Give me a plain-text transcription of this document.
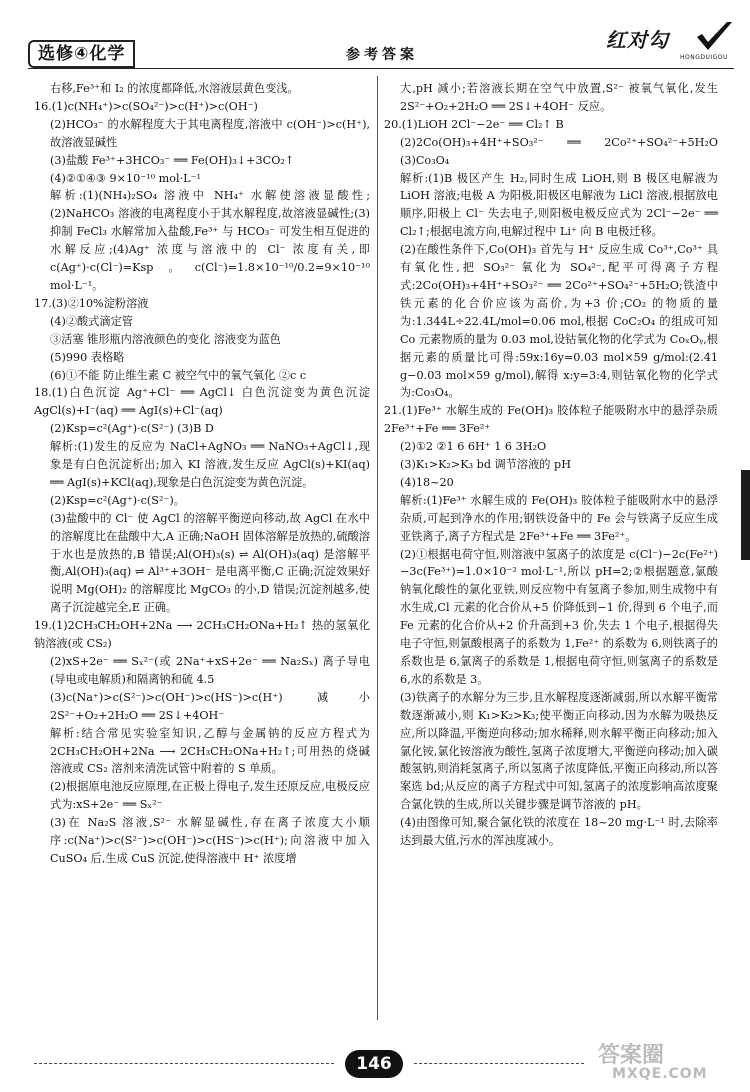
选修④化学	参考答案
红对勾
HONGDUIGOU

右移,Fe³⁺和 I₂ 的浓度都降低,水溶液层黄色变浅。

16.(1)c(NH₄⁺)>c(SO₄²⁻)>c(H⁺)>c(OH⁻)

(2)HCO₃⁻ 的水解程度大于其电离程度,溶液中 c(OH⁻)>c(H⁺),故溶液显碱性

(3)盐酸 Fe³⁺+3HCO₃⁻ ══ Fe(OH)₃↓+3CO₂↑

(4)②①④③ 9×10⁻¹⁰ mol·L⁻¹

解析:(1)(NH₄)₂SO₄ 溶液中 NH₄⁺ 水解使溶液显酸性;(2)NaHCO₃ 溶液的电离程度小于其水解程度,故溶液显碱性;(3)抑制 FeCl₃ 水解常加入盐酸,Fe³⁺ 与 HCO₃⁻ 可发生相互促进的水解反应;(4)Ag⁺ 浓度与溶液中的 Cl⁻ 浓度有关,即 c(Ag⁺)·c(Cl⁻)=Ksp。c(Cl⁻)=1.8×10⁻¹⁰/0.2=9×10⁻¹⁰ mol·L⁻¹。

17.(3)②10%淀粉溶液

(4)②酸式滴定管

③活塞 锥形瓶内溶液颜色的变化 溶液变为蓝色

(5)990 表格略

(6)①不能 防止维生素 C 被空气中的氧气氧化 ②c c

18.(1)白色沉淀 Ag⁺+Cl⁻ ══ AgCl↓ 白色沉淀变为黄色沉淀 AgCl(s)+I⁻(aq) ══ AgI(s)+Cl⁻(aq)

(2)Ksp=c²(Ag⁺)·c(S²⁻) (3)B D

解析:(1)发生的反应为 NaCl+AgNO₃ ══ NaNO₃+AgCl↓,现象是有白色沉淀析出;加入 KI 溶液,发生反应 AgCl(s)+KI(aq) ══ AgI(s)+KCl(aq),现象是白色沉淀变为黄色沉淀。

(2)Ksp=c²(Ag⁺)·c(S²⁻)。

(3)盐酸中的 Cl⁻ 使 AgCl 的溶解平衡逆向移动,故 AgCl 在水中的溶解度比在盐酸中大,A 正确;NaOH 固体溶解是放热的,硫酸溶于水也是放热的,B 错误;Al(OH)₃(s) ⇌ Al(OH)₃(aq) 是溶解平衡,Al(OH)₃(aq) ⇌ Al³⁺+3OH⁻ 是电离平衡,C 正确;沉淀效果好说明 Mg(OH)₂ 的溶解度比 MgCO₃ 的小,D 错误;沉淀剂越多,使离子沉淀越完全,E 正确。

19.(1)2CH₃CH₂OH+2Na ⟶ 2CH₃CH₂ONa+H₂↑ 热的氢氧化钠溶液(或 CS₂)

(2)xS+2e⁻ ══ Sₓ²⁻(或 2Na⁺+xS+2e⁻ ══ Na₂Sₓ) 离子导电(导电或电解质)和隔离钠和硫 4.5

(3)c(Na⁺)>c(S²⁻)>c(OH⁻)>c(HS⁻)>c(H⁺) 减小 2S²⁻+O₂+2H₂O ══ 2S↓+4OH⁻

解析:结合常见实验室知识,乙醇与金属钠的反应方程式为 2CH₃CH₂OH+2Na ⟶ 2CH₃CH₂ONa+H₂↑;可用热的烧碱溶液或 CS₂ 溶剂来清洗试管中附着的 S 单质。

(2)根据原电池反应原理,在正极上得电子,发生还原反应,电极反应式为:xS+2e⁻ ══ Sₓ²⁻

(3)在 Na₂S 溶液,S²⁻ 水解显碱性,存在离子浓度大小顺序:c(Na⁺)>c(S²⁻)>c(OH⁻)>c(HS⁻)>c(H⁺);向溶液中加入 CuSO₄ 后,生成 CuS 沉淀,使得溶液中 H⁺ 浓度增

大,pH 减小;若溶液长期在空气中放置,S²⁻ 被氧气氧化,发生 2S²⁻+O₂+2H₂O ══ 2S↓+4OH⁻ 反应。

20.(1)LiOH 2Cl⁻−2e⁻ ══ Cl₂↑ B

(2)2Co(OH)₃+4H⁺+SO₃²⁻ ══ 2Co²⁺+SO₄²⁻+5H₂O (3)Co₃O₄

解析:(1)B 极区产生 H₂,同时生成 LiOH,则 B 极区电解液为 LiOH 溶液;电极 A 为阳极,阳极区电解液为 LiCl 溶液,根据放电顺序,阳极上 Cl⁻ 失去电子,则阳极电极反应式为 2Cl⁻−2e⁻ ══ Cl₂↑;根据电流方向,电解过程中 Li⁺ 向 B 电极迁移。

(2)在酸性条件下,Co(OH)₃ 首先与 H⁺ 反应生成 Co³⁺,Co³⁺ 具有氧化性,把 SO₃²⁻ 氧化为 SO₄²⁻,配平可得离子方程式:2Co(OH)₃+4H⁺+SO₃²⁻ ══ 2Co²⁺+SO₄²⁻+5H₂O;铁渣中铁元素的化合价应该为高价,为+3 价;CO₂ 的物质的量为:1.344L÷22.4L/mol=0.06 mol,根据 CoC₂O₄ 的组成可知 Co 元素物质的量为 0.03 mol,设钴氧化物的化学式为 CoₓOᵧ,根据元素的质量比可得:59x:16y=0.03 mol×59 g/mol:(2.41 g−0.03 mol×59 g/mol),解得 x:y=3:4,则钴氧化物的化学式为:Co₃O₄。

21.(1)Fe³⁺ 水解生成的 Fe(OH)₃ 胶体粒子能吸附水中的悬浮杂质 2Fe³⁺+Fe ══ 3Fe²⁺

(2)①2 ②1 6 6H⁺ 1 6 3H₂O

(3)K₁>K₂>K₃ bd 调节溶液的 pH

(4)18~20

解析:(1)Fe³⁺ 水解生成的 Fe(OH)₃ 胶体粒子能吸附水中的悬浮杂质,可起到净水的作用;钢铁设备中的 Fe 会与铁离子反应生成亚铁离子,离子方程式是 2Fe³⁺+Fe ══ 3Fe²⁺。

(2)①根据电荷守恒,则溶液中氢离子的浓度是 c(Cl⁻)−2c(Fe²⁺)−3c(Fe³⁺)=1.0×10⁻² mol·L⁻¹,所以 pH=2;②根据题意,氯酸钠氧化酸性的氯化亚铁,则反应物中有氢离子参加,则生成物中有水生成,Cl 元素的化合价从+5 价降低到−1 价,得到 6 个电子,而 Fe 元素的化合价从+2 价升高到+3 价,失去 1 个电子,根据得失电子守恒,则氯酸根离子的系数为 1,Fe²⁺ 的系数为 6,则铁离子的系数也是 6,氯离子的系数是 1,根据电荷守恒,则氢离子的系数是 6,水的系数是 3。

(3)铁离子的水解分为三步,且水解程度逐渐减弱,所以水解平衡常数逐渐减小,则 K₁>K₂>K₃;使平衡正向移动,因为水解为吸热反应,所以降温,平衡逆向移动;加水稀释,则水解平衡正向移动;加入氯化铵,氯化铵溶液为酸性,氢离子浓度增大,平衡逆向移动;加入碳酸氢钠,则消耗氢离子,所以氢离子浓度降低,平衡正向移动,所以答案选 bd;从反应的离子方程式中可知,氢离子的浓度影响高浓度聚合氯化铁的生成,所以关键步骤是调节溶液的 pH。

(4)由图像可知,聚合氯化铁的浓度在 18~20 mg·L⁻¹ 时,去除率达到最大值,污水的浑浊度减小。

146	答案圈
MXQE.COM
